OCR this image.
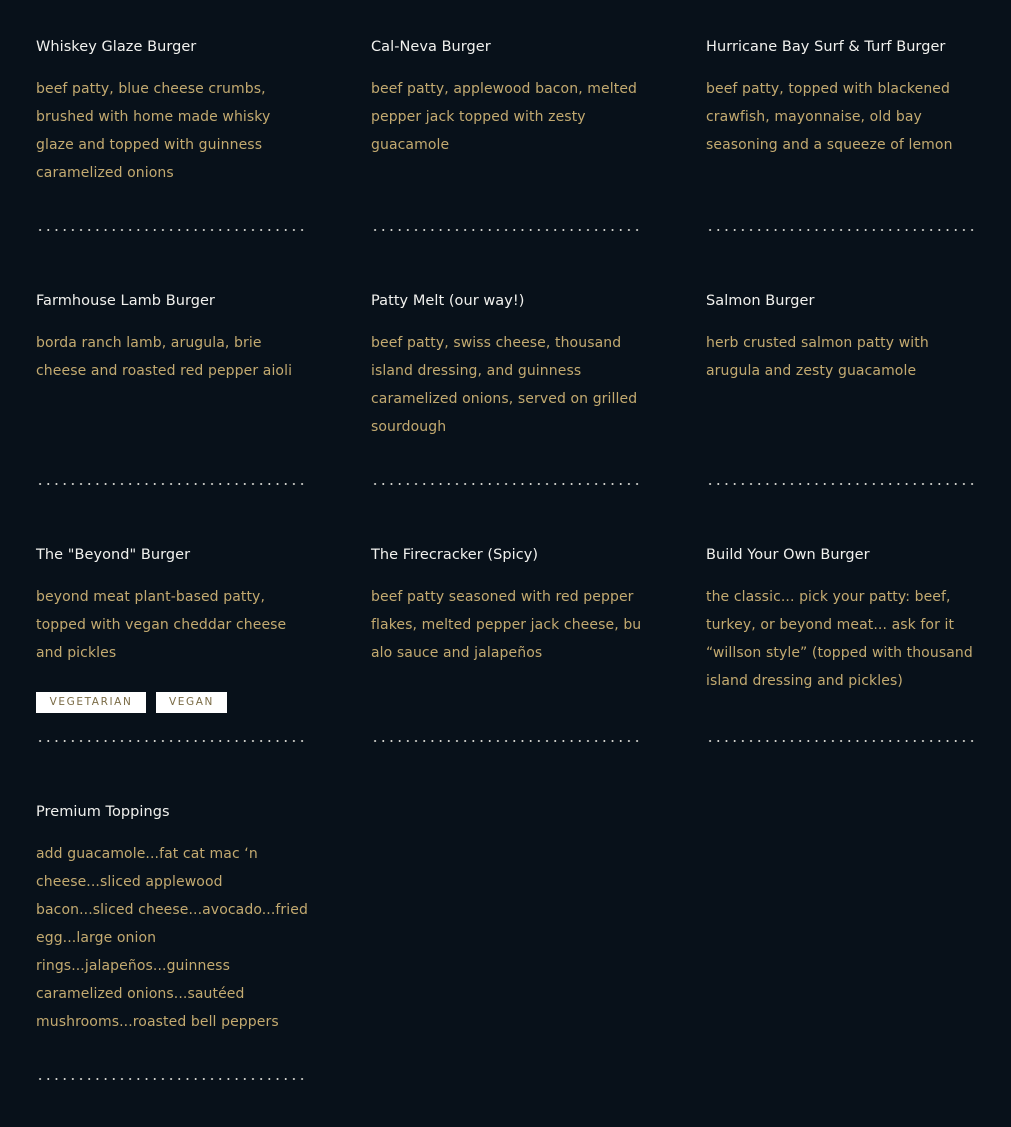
Whiskey Glaze Burger
beef patty, blue cheese crumbs, brushed with home made whisky glaze and topped with guinness caramelized onions
Cal-Neva Burger
beef patty, applewood bacon, melted pepper jack topped with zesty guacamole
Hurricane Bay Surf & Turf Burger
beef patty, topped with blackened crawfish, mayonnaise, old bay seasoning and a squeeze of lemon
Farmhouse Lamb Burger
borda ranch lamb, arugula, brie cheese and roasted red pepper aioli
Patty Melt (our way!)
beef patty, swiss cheese, thousand island dressing, and guinness caramelized onions, served on grilled sourdough
Salmon Burger
herb crusted salmon patty with arugula and zesty guacamole
The "Beyond" Burger
beyond meat plant-based patty, topped with vegan cheddar cheese and pickles
VEGETARIAN	VEGAN
The Firecracker (Spicy)
beef patty seasoned with red pepper flakes, melted pepper jack cheese, bu alo sauce and jalapeños
Build Your Own Burger
the classic... pick your patty: beef, turkey, or beyond meat... ask for it “willson style” (topped with thousand island dressing and pickles)
Premium Toppings
add guacamole...fat cat mac ‘n cheese...sliced applewood bacon...sliced cheese...avocado...fried egg...large onion rings...jalapeños...guinness caramelized onions...sautéed mushrooms...roasted bell peppers
